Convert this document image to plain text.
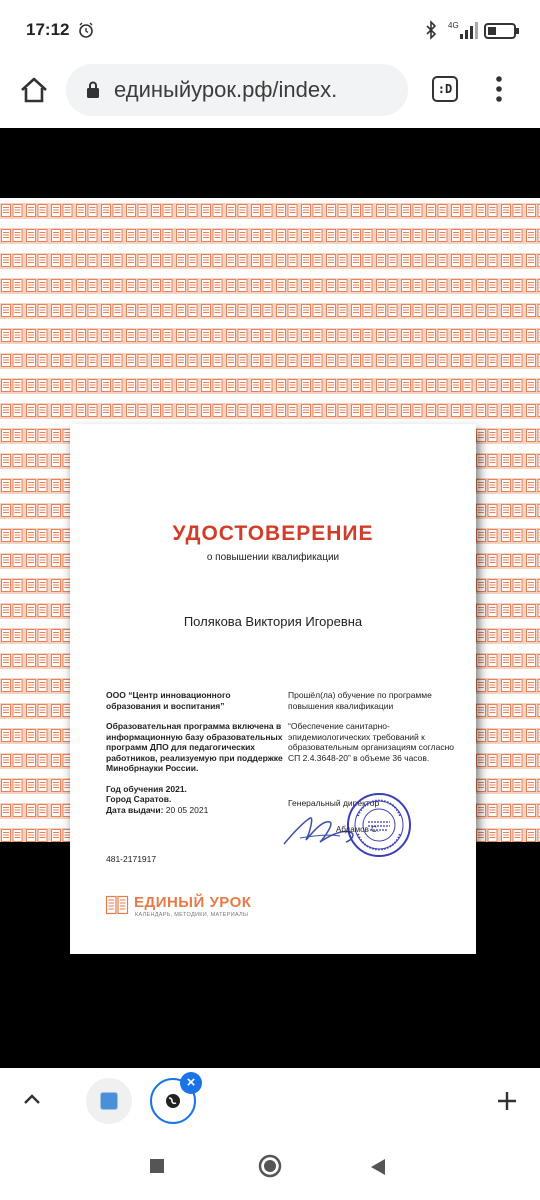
17:12	4G
единыйурок.рф/index.	:D
УДОСТОВЕРЕНИЕ
о повышении квалификации
Полякова Виктория Игоревна
ООО “Центр инновационного образования и воспитания”
Образовательная программа включена в информационную базу образовательных программ ДПО для педагогических работников, реализуемую при поддержке Минобрнауки России.
Год обучения 2021.
Город Саратов.
Дата выдачи: 20 05 2021
Прошёл(ла) обучение по программе повышения квалификации
“Обеспечение санитарно-эпидемиологических требований к образовательным организациям согласно СП 2.4.3648-20” в объеме 36 часов.
Генеральный директор
Абдамов С.
481-2171917
ЕДИНЫЙ УРОК
КАЛЕНДАРЬ, МЕТОДИКИ, МАТЕРИАЛЫ
×
